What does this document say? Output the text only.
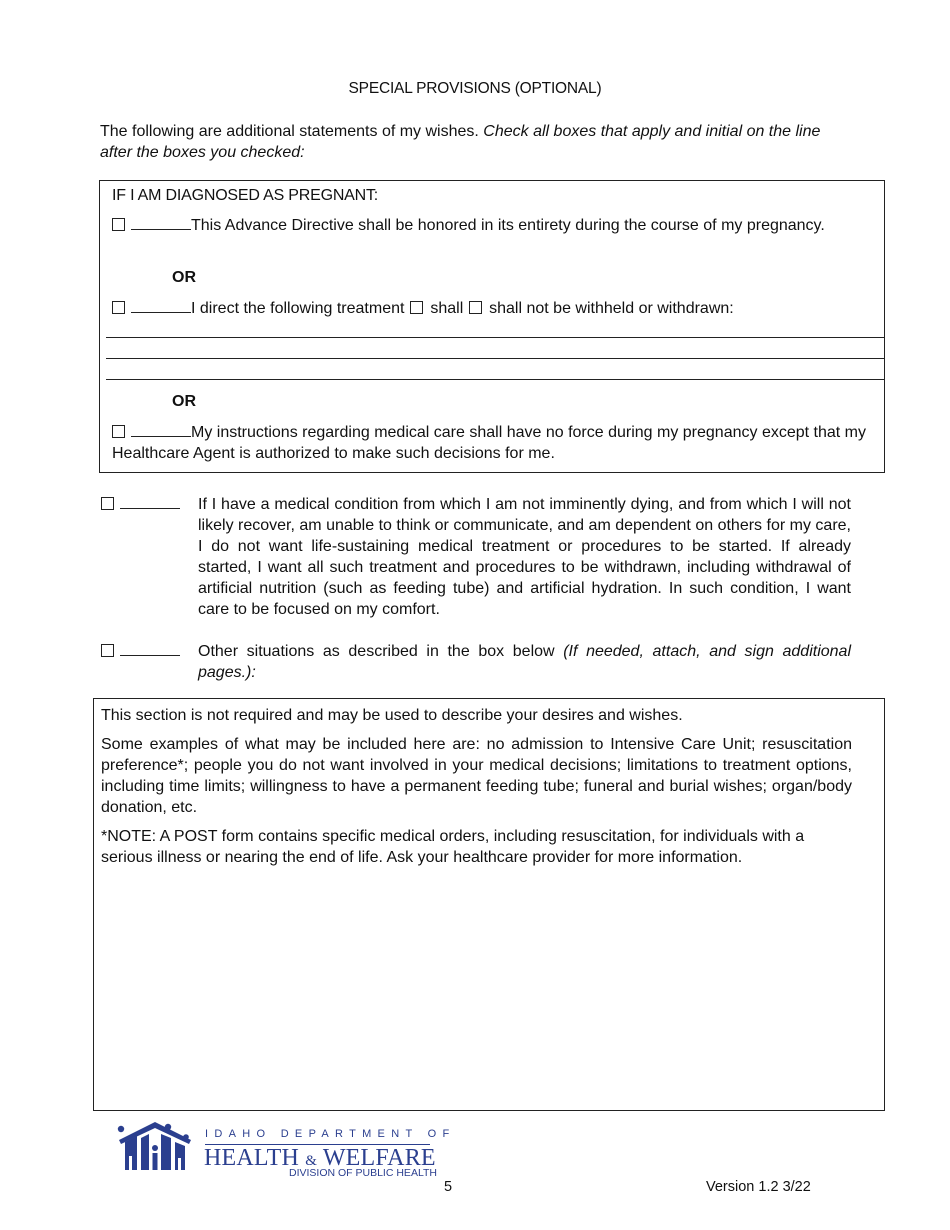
SPECIAL PROVISIONS (OPTIONAL)
The following are additional statements of my wishes. Check all boxes that apply and initial on the line after the boxes you checked:
IF I AM DIAGNOSED AS PREGNANT:
This Advance Directive shall be honored in its entirety during the course of my pregnancy.
OR
I direct the following treatment  shall  shall not be withheld or withdrawn:
OR
My instructions regarding medical care shall have no force during my pregnancy except that my Healthcare Agent is authorized to make such decisions for me.
If I have a medical condition from which I am not imminently dying, and from which I will not likely recover, am unable to think or communicate, and am dependent on others for my care, I do not want life-sustaining medical treatment or procedures to be started. If already started, I want all such treatment and procedures to be withdrawn, including withdrawal of artificial nutrition (such as feeding tube) and artificial hydration. In such condition, I want care to be focused on my comfort.
Other situations as described in the box below (If needed, attach, and sign additional pages.):

This section is not required and may be used to describe your desires and wishes.

Some examples of what may be included here are: no admission to Intensive Care Unit; resuscitation preference*; people you do not want involved in your medical decisions; limitations to treatment options, including time limits; willingness to have a permanent feeding tube; funeral and burial wishes; organ/body donation, etc.

*NOTE: A POST form contains specific medical orders, including resuscitation, for individuals with a serious illness or nearing the end of life. Ask your healthcare provider for more information.

IDAHO DEPARTMENT OF
HEALTH & WELFARE
DIVISION OF PUBLIC HEALTH
5	Version 1.2 3/22
